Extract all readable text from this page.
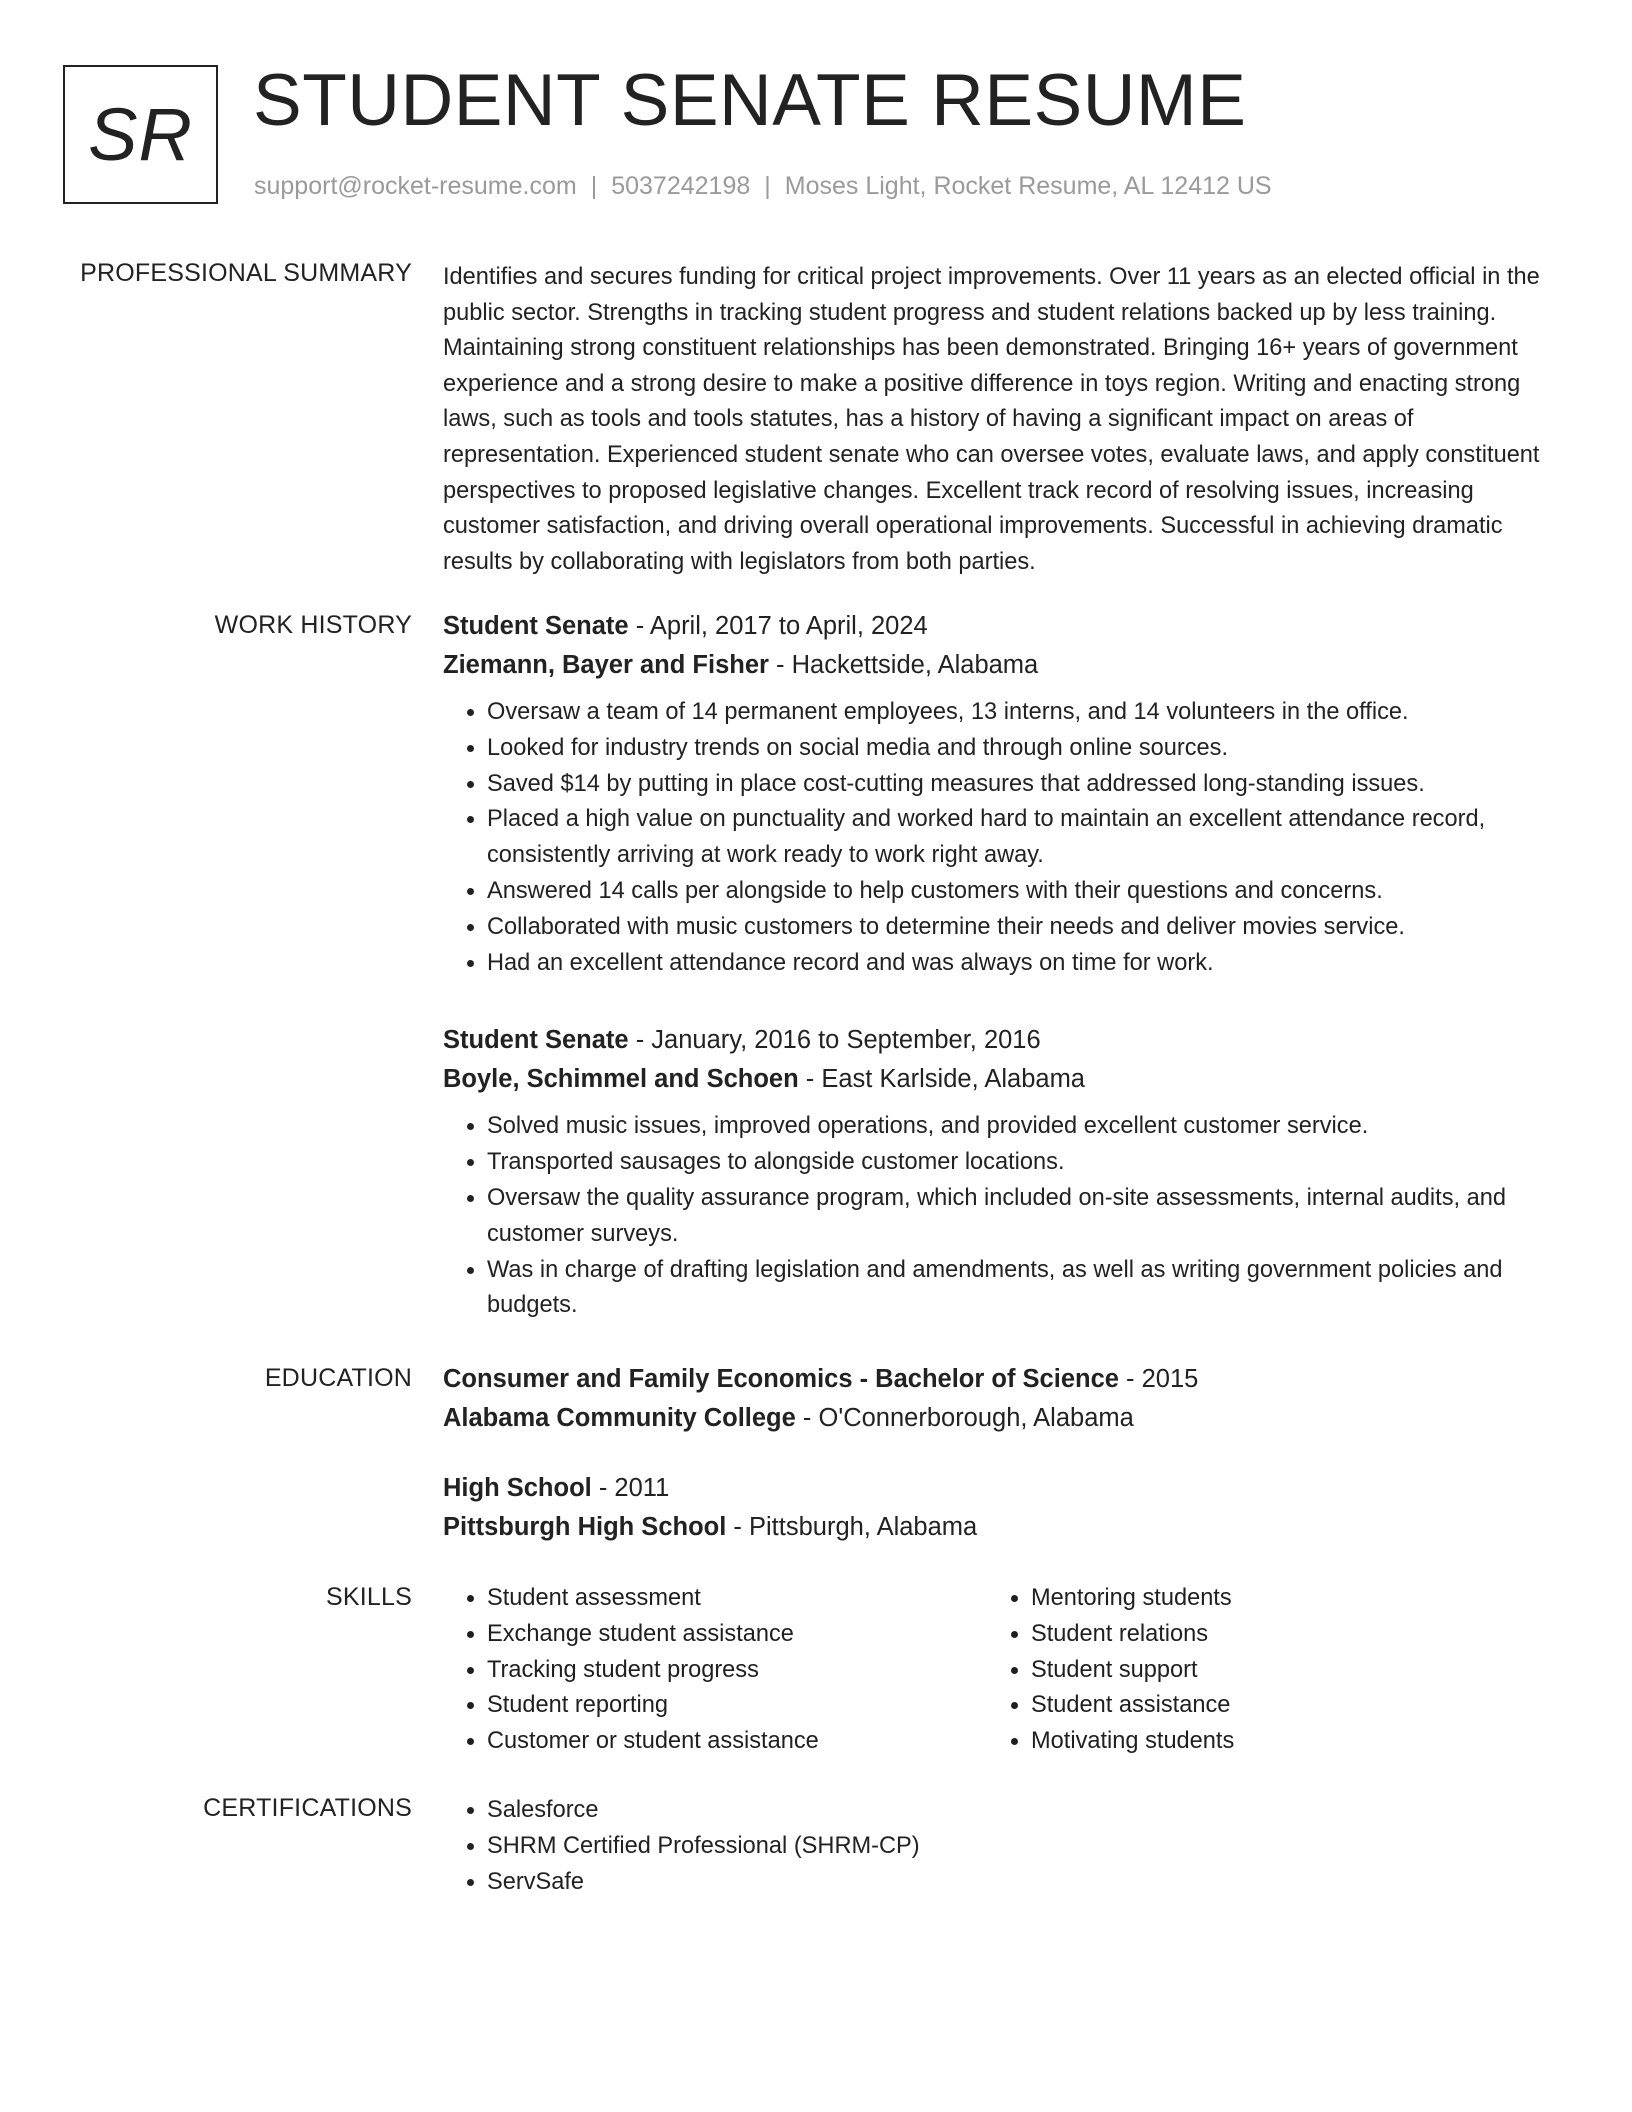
SR STUDENT SENATE RESUME
support@rocket-resume.com | 5037242198 | Moses Light, Rocket Resume, AL 12412 US
PROFESSIONAL SUMMARY Identifies and secures funding for critical project improvements. Over 11 years as an elected official in the public sector. Strengths in tracking student progress and student relations backed up by less training. Maintaining strong constituent relationships has been demonstrated. Bringing 16+ years of government experience and a strong desire to make a positive difference in toys region. Writing and enacting strong laws, such as tools and tools statutes, has a history of having a significant impact on areas of representation. Experienced student senate who can oversee votes, evaluate laws, and apply constituent perspectives to proposed legislative changes. Excellent track record of resolving issues, increasing customer satisfaction, and driving overall operational improvements. Successful in achieving dramatic results by collaborating with legislators from both parties.

WORK HISTORY Student Senate - April, 2017 to April, 2024
Ziemann, Bayer and Fisher - Hackettside, Alabama
• Oversaw a team of 14 permanent employees, 13 interns, and 14 volunteers in the office.
• Looked for industry trends on social media and through online sources.
• Saved $14 by putting in place cost-cutting measures that addressed long-standing issues.
• Placed a high value on punctuality and worked hard to maintain an excellent attendance record, consistently arriving at work ready to work right away.
• Answered 14 calls per alongside to help customers with their questions and concerns.
• Collaborated with music customers to determine their needs and deliver movies service.
• Had an excellent attendance record and was always on time for work.
Student Senate - January, 2016 to September, 2016
Boyle, Schimmel and Schoen - East Karlside, Alabama
• Solved music issues, improved operations, and provided excellent customer service.
• Transported sausages to alongside customer locations.
• Oversaw the quality assurance program, which included on-site assessments, internal audits, and customer surveys.
• Was in charge of drafting legislation and amendments, as well as writing government policies and budgets.
EDUCATION Consumer and Family Economics - Bachelor of Science - 2015
Alabama Community College - O'Connerborough, Alabama
High School - 2011
Pittsburgh High School - Pittsburgh, Alabama
SKILLS	• Student assessment
• Exchange student assistance
• Tracking student progress
• Student reporting
• Customer or student assistance
• Mentoring students
• Student relations
• Student support
• Student assistance
• Motivating students
CERTIFICATIONS	• Salesforce
• SHRM Certified Professional (SHRM-CP)
• ServSafe
